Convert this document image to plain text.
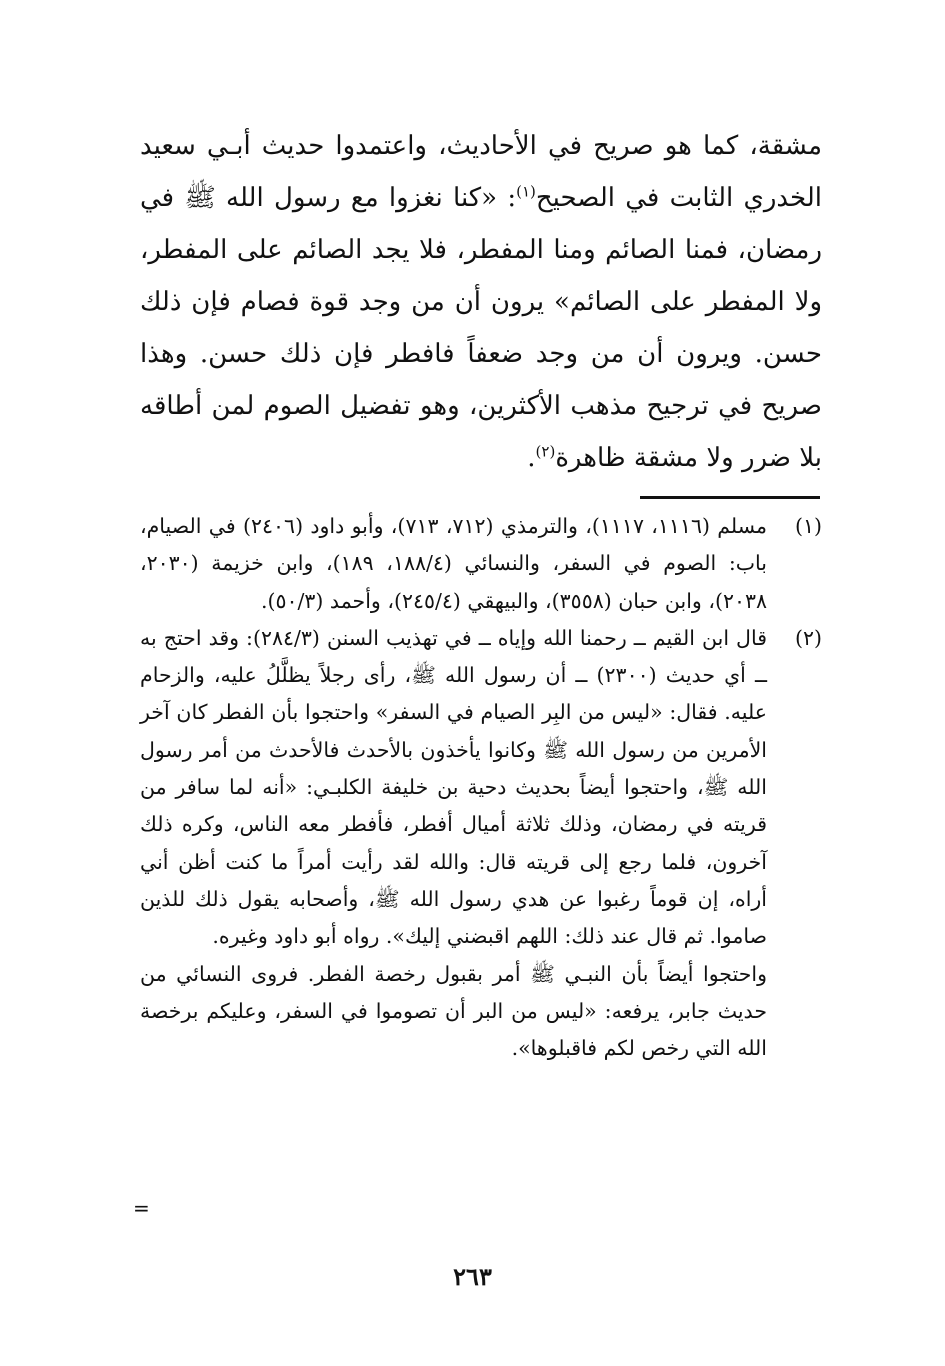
مشقة، كما هو صريح في الأحاديث، واعتمدوا حديث أبـي سعيد الخدري الثابت في الصحيح$^{(١)}$: «كنا نغزوا مع رسول الله ﷺ في رمضان، فمنا الصائم ومنا المفطر، فلا يجد الصائم على المفطر، ولا المفطر على الصائم» يرون أن من وجد قوة فصام فإن ذلك حسن. ويرون أن من وجد ضعفاً فافطر فإن ذلك حسن. وهذا صريح في ترجيح مذهب الأكثرين، وهو تفضيل الصوم لمن أطاقه بلا ضرر ولا مشقة ظاهرة$^{(٢)}$.

(١)

مسلم (١١١٦، ١١١٧)، والترمذي (٧١٢، ٧١٣)، وأبو داود (٢٤٠٦) في الصيام، باب: الصوم في السفر، والنسائي (١٨٨/٤، ١٨٩)، وابن خزيمة (٢٠٣٠، ٢٠٣٨)، وابن حبان (٣٥٥٨)، والبيهقي (٢٤٥/٤)، وأحمد (٥٠/٣).

(٢)

قال ابن القيم ــ رحمنا الله وإياه ــ في تهذيب السنن (٢٨٤/٣): وقد احتج به ــ أي حديث (٢٣٠٠) ــ أن رسول الله ﷺ، رأى رجلاً يظلَّلُ عليه، والزحام عليه. فقال: «ليس من البِر الصيام في السفر» واحتجوا بأن الفطر كان آخر الأمرين من رسول الله ﷺ وكانوا يأخذون بالأحدث فالأحدث من أمر رسول الله ﷺ، واحتجوا أيضاً بحديث دحية بن خليفة الكلبـي: «أنه لما سافر من قريته في رمضان، وذلك ثلاثة أميال أفطر، فأفطر معه الناس، وكره ذلك آخرون، فلما رجع إلى قريته قال: والله لقد رأيت أمراً ما كنت أظن أني أراه، إن قوماً رغبوا عن هدي رسول الله ﷺ، وأصحابه يقول ذلك للذين صاموا. ثم قال عند ذلك: اللهم اقبضني إليك». رواه أبو داود وغيره.

واحتجوا أيضاً بأن النبـي ﷺ أمر بقبول رخصة الفطر. فروى النسائي من حديث جابر، يرفعه: «ليس من البر أن تصوموا في السفر، وعليكم برخصة الله التي رخص لكم فاقبلوها».

=
٢٦٣
